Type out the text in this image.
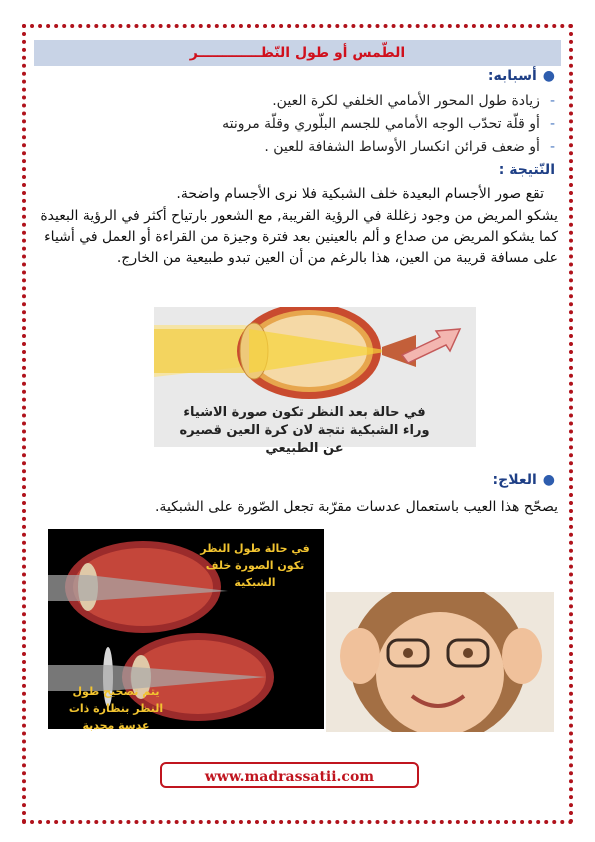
الطّمس أو طول النّظـــــــــــــر
●أسبابه:
-زيادة طول المحور الأمامي الخلفي لكرة العين.
-أو قلّة تحدّب الوجه الأمامي للجسم البلّوري وقلّة مرونته
-أو ضعف قرائن انكسار الأوساط الشفافة للعين .
النّتيجة :
تقع صور الأجسام البعيدة خلف الشبكية فلا نرى الأجسام واضحة.
يشكو المريض من وجود زغللة في الرؤية القريبة, مع الشعور بارتياح أكثر في الرؤية البعيدة كما يشكو المريض من صداع و ألم بالعينين بعد فترة وجيزة من القراءة أو العمل في أشياء على مسافة قريبة من العين، هذا بالرغم من أن العين تبدو طبيعية من الخارج.
في حالة بعد النظر تكون صورة الاشياء وراء الشبكية نتجة لان كرة العين قصيره عن الطبيعي
●العلاج:
يصحّح هذا العيب باستعمال عدسات مقرّبة تجعل الصّورة على الشبكية.
في حالة طول النظر تكون الصورة خلف الشبكية
يتم تصحيح طول النظر بنظارة ذات عدسة محدبة
www.madrassatii.com
